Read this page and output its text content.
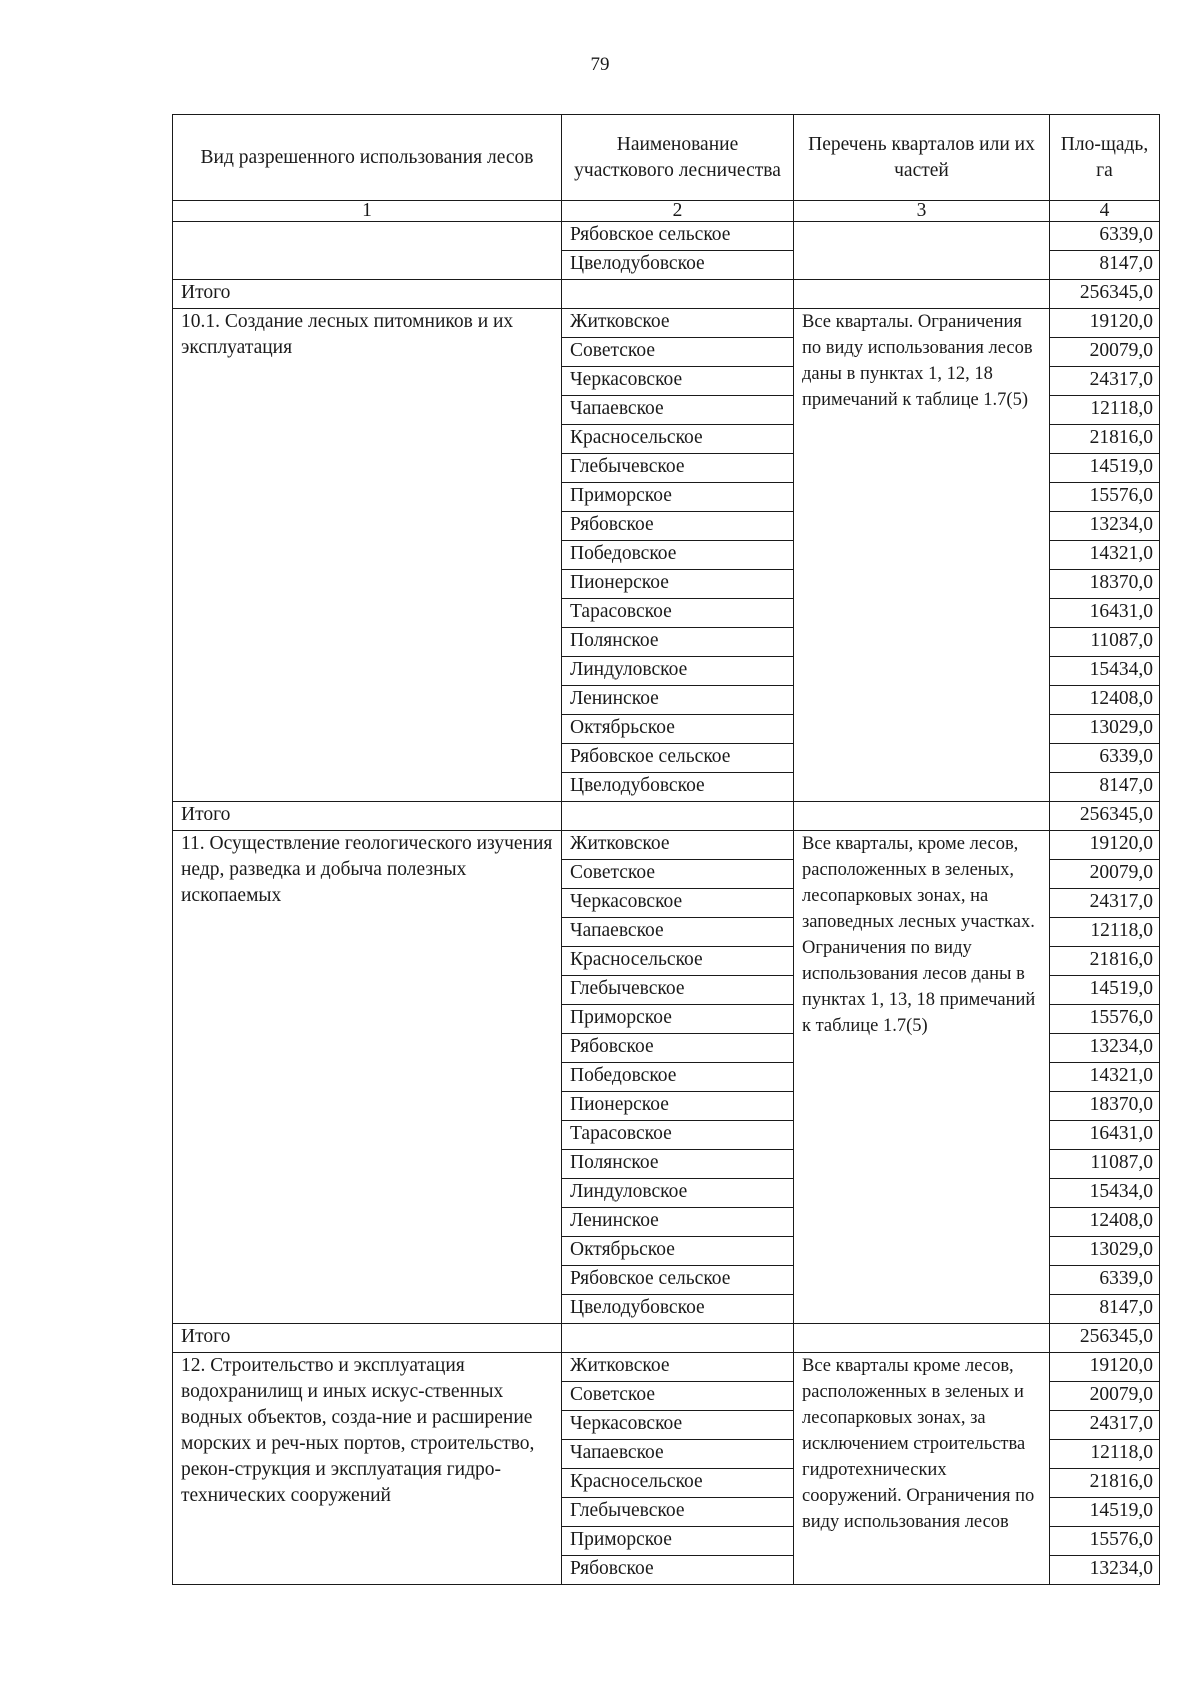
79
Вид разрешенного использования лесов	Наименование участкового лесничества	Перечень кварталов или их частей	Пло-щадь, га
1	2	3	4
	Рябовское сельское		6339,0
	Цвелодубовское		8147,0
Итого			256345,0
10.1. Создание лесных питомников и их эксплуатация	Житковское	Все кварталы. Ограничения по виду использования лесов даны в пунктах 1, 12, 18 примечаний к таблице 1.7(5)	19120,0
	Советское		20079,0
	Черкасовское		24317,0
	Чапаевское		12118,0
	Красносельское		21816,0
	Глебычевское		14519,0
	Приморское		15576,0
	Рябовское		13234,0
	Победовское		14321,0
	Пионерское		18370,0
	Тарасовское		16431,0
	Полянское		11087,0
	Линдуловское		15434,0
	Ленинское		12408,0
	Октябрьское		13029,0
	Рябовское сельское		6339,0
	Цвелодубовское		8147,0
Итого			256345,0
11. Осуществление геологического изучения недр, разведка и добыча полезных ископаемых	Житковское	Все кварталы, кроме лесов, расположенных в зеленых, лесопарковых зонах, на заповедных лесных участках. Ограничения по виду использования лесов даны в пунктах 1, 13, 18 примечаний к таблице 1.7(5)	19120,0
	Советское		20079,0
	Черкасовское		24317,0
	Чапаевское		12118,0
	Красносельское		21816,0
	Глебычевское		14519,0
	Приморское		15576,0
	Рябовское		13234,0
	Победовское		14321,0
	Пионерское		18370,0
	Тарасовское		16431,0
	Полянское		11087,0
	Линдуловское		15434,0
	Ленинское		12408,0
	Октябрьское		13029,0
	Рябовское сельское		6339,0
	Цвелодубовское		8147,0
Итого			256345,0
12. Строительство и эксплуатация водохранилищ и иных искус-ственных водных объектов, созда-ние и расширение морских и реч-ных портов, строительство, рекон-струкция и эксплуатация гидро-технических сооружений	Житковское	Все кварталы кроме лесов, расположенных в зеленых и лесопарковых зонах, за исключением строительства гидротехнических сооружений. Ограничения по виду использования лесов	19120,0
	Советское		20079,0
	Черкасовское		24317,0
	Чапаевское		12118,0
	Красносельское		21816,0
	Глебычевское		14519,0
	Приморское		15576,0
	Рябовское		13234,0
